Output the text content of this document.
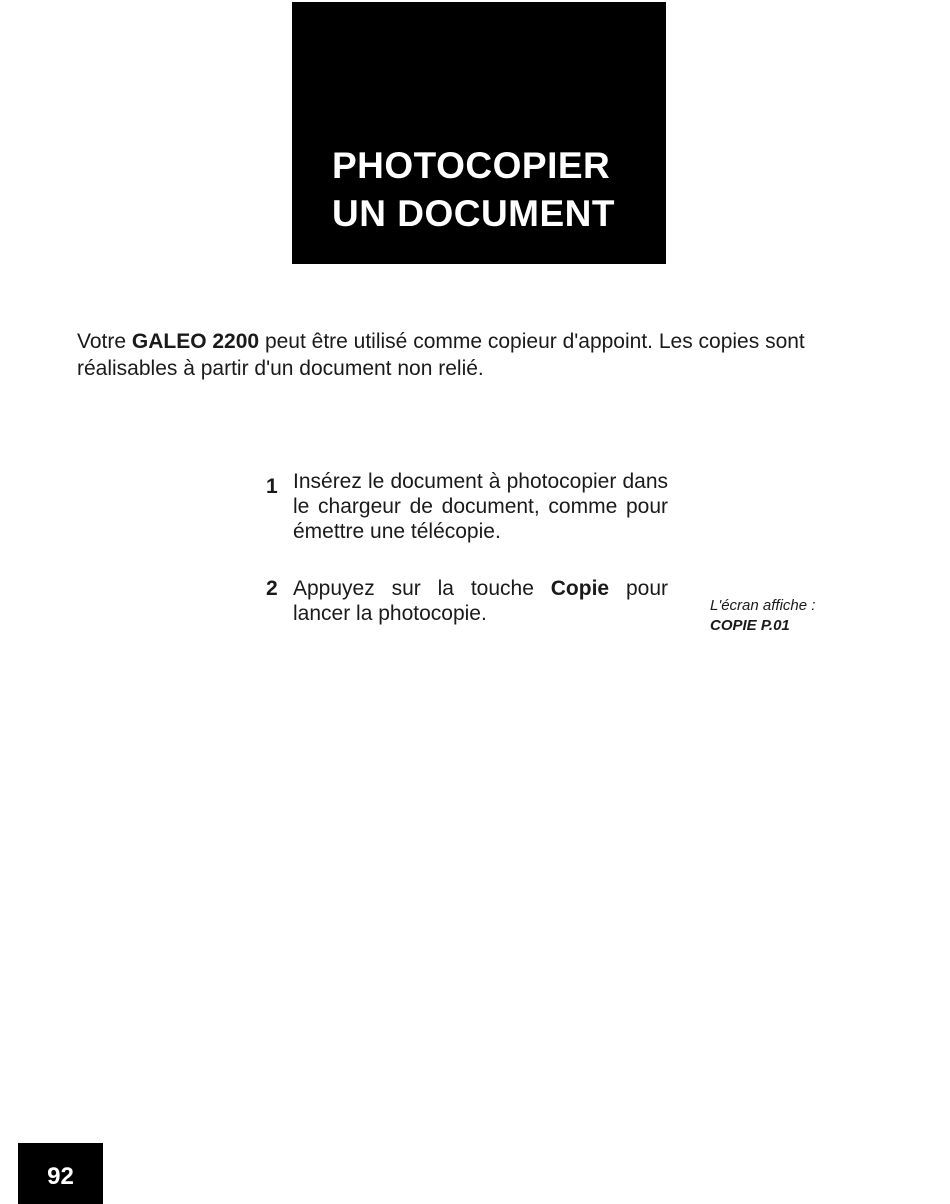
PHOTOCOPIER
UN DOCUMENT

Votre GALEO 2200 peut être utilisé comme copieur d'appoint. Les copies sont réalisables à partir d'un document non relié.

1 Insérez le document à photocopier dans le chargeur de document, comme pour émettre une télécopie.

2 Appuyez sur la touche Copie pour lancer la photocopie.	L'écran affiche :
COPIE P.01
92
